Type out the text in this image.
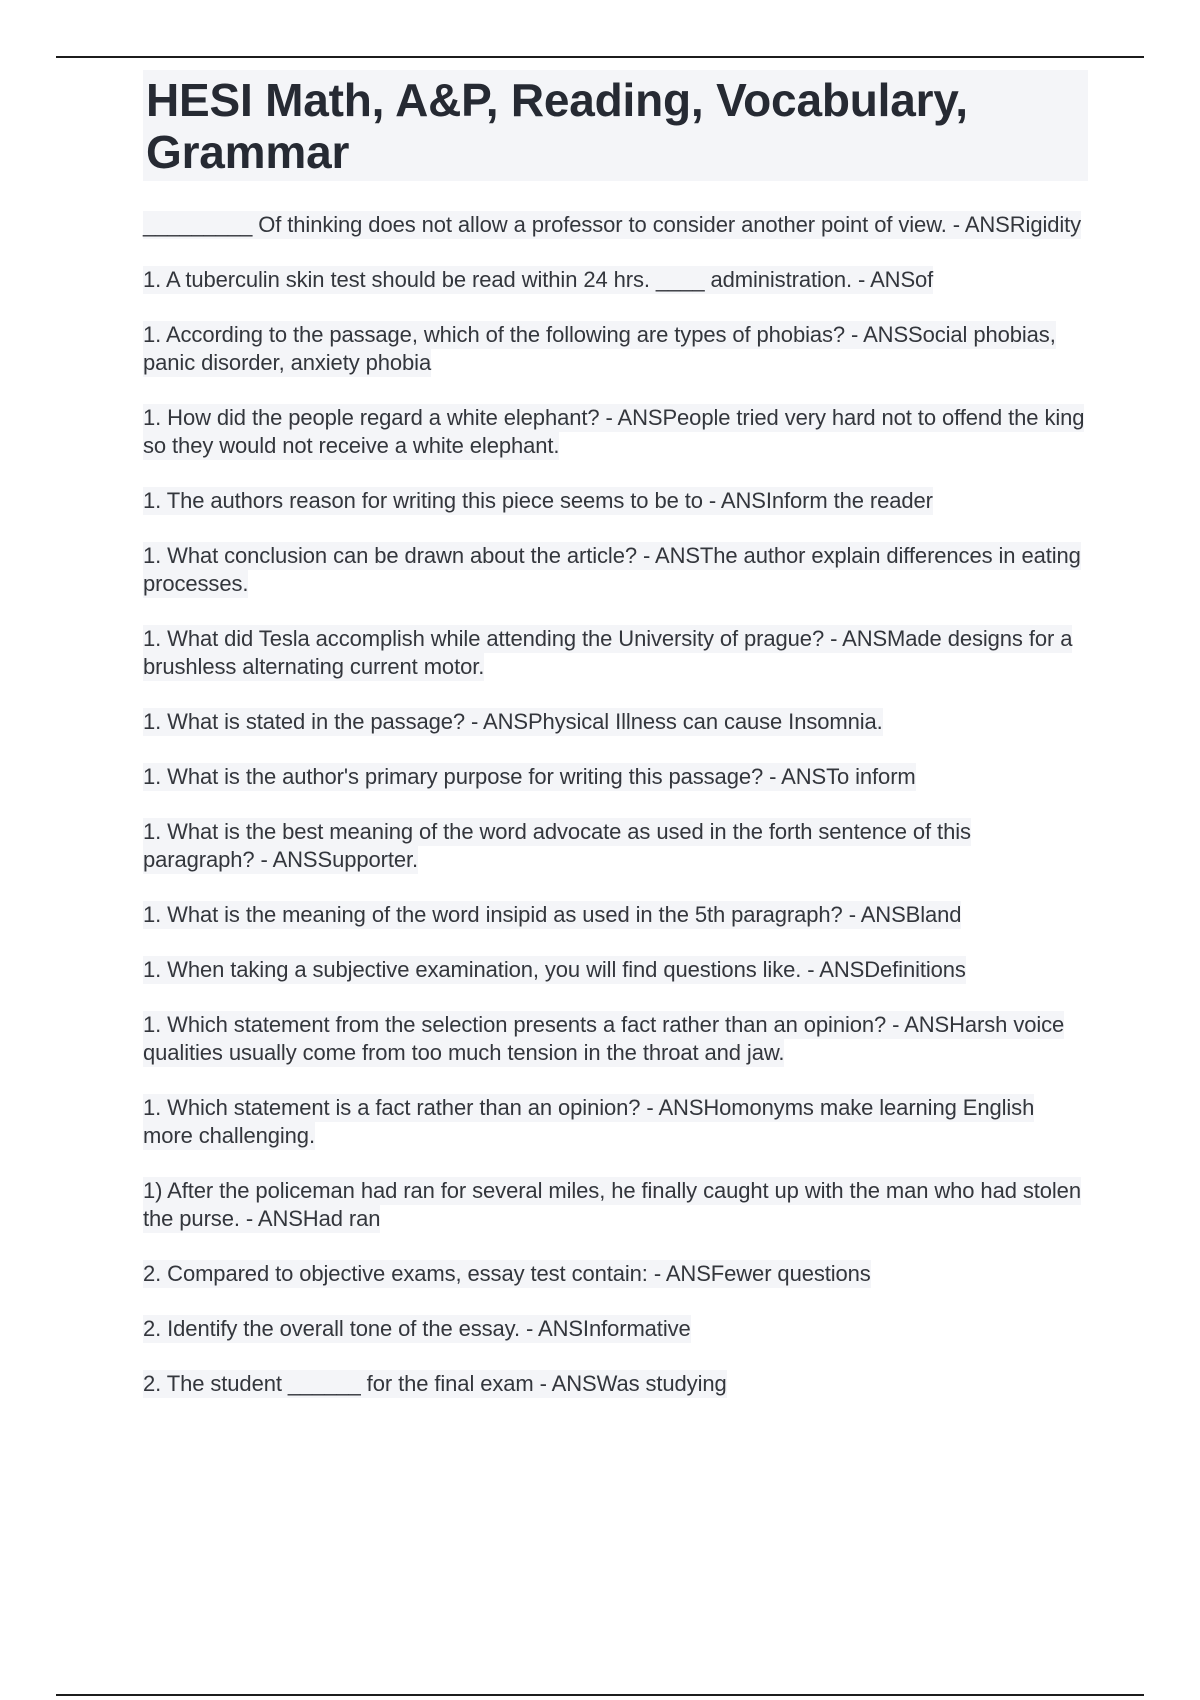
HESI Math, A&P, Reading, Vocabulary, Grammar
_________ Of thinking does not allow a professor to consider another point of view. - ANSRigidity
1. A tuberculin skin test should be read within 24 hrs. ____ administration. - ANSof
1. According to the passage, which of the following are types of phobias? - ANSSocial phobias, panic disorder, anxiety phobia
1. How did the people regard a white elephant? - ANSPeople tried very hard not to offend the king so they would not receive a white elephant.
1. The authors reason for writing this piece seems to be to - ANSInform the reader
1. What conclusion can be drawn about the article? - ANSThe author explain differences in eating processes.
1. What did Tesla accomplish while attending the University of prague? - ANSMade designs for a brushless alternating current motor.
1. What is stated in the passage? - ANSPhysical Illness can cause Insomnia.
1. What is the author's primary purpose for writing this passage? - ANSTo inform
1. What is the best meaning of the word advocate as used in the forth sentence of this paragraph? - ANSSupporter.
1. What is the meaning of the word insipid as used in the 5th paragraph? - ANSBland
1. When taking a subjective examination, you will find questions like. - ANSDefinitions
1. Which statement from the selection presents a fact rather than an opinion? - ANSHarsh voice qualities usually come from too much tension in the throat and jaw.
1. Which statement is a fact rather than an opinion? - ANSHomonyms make learning English more challenging.
1) After the policeman had ran for several miles, he finally caught up with the man who had stolen the purse. - ANSHad ran
2. Compared to objective exams, essay test contain: - ANSFewer questions
2. Identify the overall tone of the essay. - ANSInformative
2. The student ______ for the final exam - ANSWas studying
